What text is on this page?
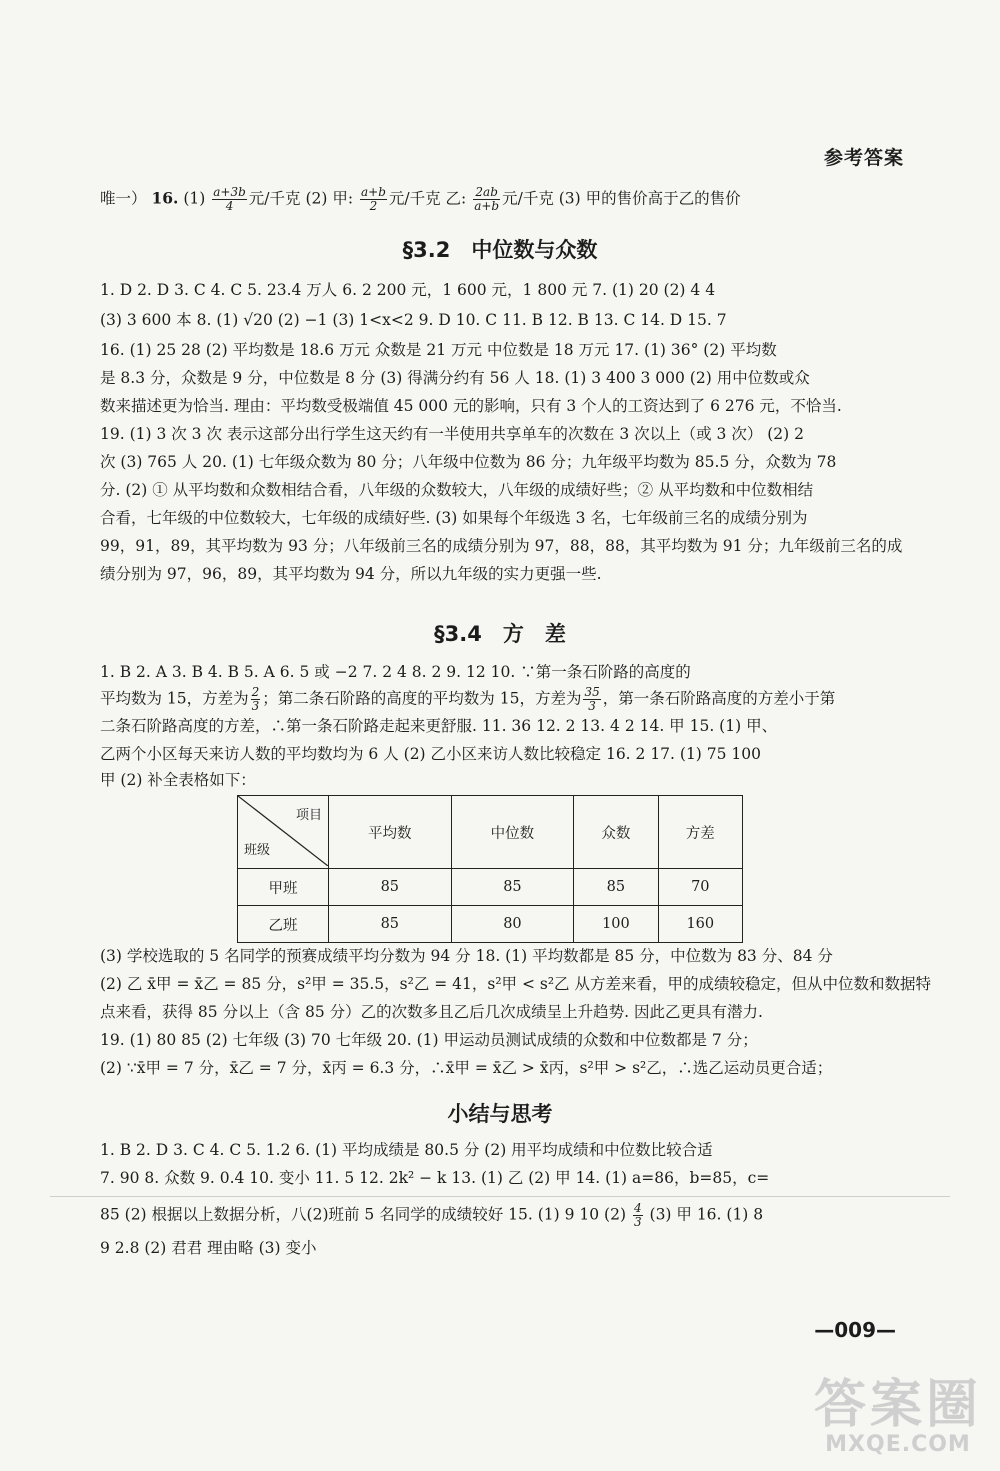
参考答案
唯一） 16. $(1) \frac{a+3b}{4}$ 元/千克 (2) 甲: $\frac{a+b}{2}$ 元/千克 乙: $\frac{2ab}{a+b}$ 元/千克 (3) 甲的售价高于乙的售价
§3.2　中位数与众数
1. D 2. D 3. C 4. C 5. 23.4 万人 6. 2 200 元，1 600 元，1 800 元 7. (1) 20 (2) 4 4
(3) 3 600 本 8. (1) √20 (2) −1 (3) 1<x<2 9. D 10. C 11. B 12. B 13. C 14. D 15. 7
16. (1) 25 28 (2) 平均数是 18.6 万元 众数是 21 万元 中位数是 18 万元 17. (1) 36° (2) 平均数
是 8.3 分，众数是 9 分，中位数是 8 分 (3) 得满分约有 56 人 18. (1) 3 400 3 000 (2) 用中位数或众
数来描述更为恰当. 理由：平均数受极端值 45 000 元的影响，只有 3 个人的工资达到了 6 276 元，不恰当.
19. (1) 3 次 3 次 表示这部分出行学生这天约有一半使用共享单车的次数在 3 次以上（或 3 次） (2) 2
次 (3) 765 人 20. (1) 七年级众数为 80 分；八年级中位数为 86 分；九年级平均数为 85.5 分，众数为 78
分. (2) ① 从平均数和众数相结合看，八年级的众数较大，八年级的成绩好些；② 从平均数和中位数相结
合看，七年级的中位数较大，七年级的成绩好些. (3) 如果每个年级选 3 名，七年级前三名的成绩分别为
99，91，89，其平均数为 93 分；八年级前三名的成绩分别为 97，88，88，其平均数为 91 分；九年级前三名的成
绩分别为 97，96，89，其平均数为 94 分，所以九年级的实力更强一些.
§3.4　方　差
1. B 2. A 3. B 4. B 5. A 6. 5 或 −2 7. 2 4 8. 2 9. 12 10. ∵第一条石阶路的高度的
平均数为 15，方差为 $\frac{2}{3}$ ；第二条石阶路的高度的平均数为 15，方差为 $\frac{35}{3}$ ，第一条石阶路高度的方差小于第
二条石阶路高度的方差，∴第一条石阶路走起来更舒服. 11. 36 12. 2 13. 4 2 14. 甲 15. (1) 甲、
乙两个小区每天来访人数的平均数均为 6 人 (2) 乙小区来访人数比较稳定 16. 2 17. (1) 75 100
甲 (2) 补全表格如下：
项目
班级	平均数	中位数	众数	方差
甲班	85	85	85	70
乙班	85	80	100	160
(3) 学校选取的 5 名同学的预赛成绩平均分数为 94 分 18. (1) 平均数都是 85 分，中位数为 83 分、84 分
(2) 乙 x̄甲 = x̄乙 = 85 分，s²甲 = 35.5，s²乙 = 41，s²甲 < s²乙 从方差来看，甲的成绩较稳定，但从中位数和数据特
点来看，获得 85 分以上（含 85 分）乙的次数多且乙后几次成绩呈上升趋势. 因此乙更具有潜力.
19. (1) 80 85 (2) 七年级 (3) 70 七年级 20. (1) 甲运动员测试成绩的众数和中位数都是 7 分；
(2) ∵x̄甲 = 7 分，x̄乙 = 7 分，x̄丙 = 6.3 分，∴x̄甲 = x̄乙 > x̄丙，s²甲 > s²乙，∴选乙运动员更合适；
小结与思考
1. B 2. D 3. C 4. C 5. 1.2 6. (1) 平均成绩是 80.5 分 (2) 用平均成绩和中位数比较合适
7. 90 8. 众数 9. 0.4 10. 变小 11. 5 12. 2k² − k 13. (1) 乙 (2) 甲 14. (1) a=86，b=85，c=
85 (2) 根据以上数据分析，八(2)班前 5 名同学的成绩较好 15. (1) 9 10 $(2) \frac{4}{3} (3)$ 甲 16. (1) 8
9 2.8 (2) 君君 理由略 (3) 变小
—009—
答案圈
MXQE.COM
